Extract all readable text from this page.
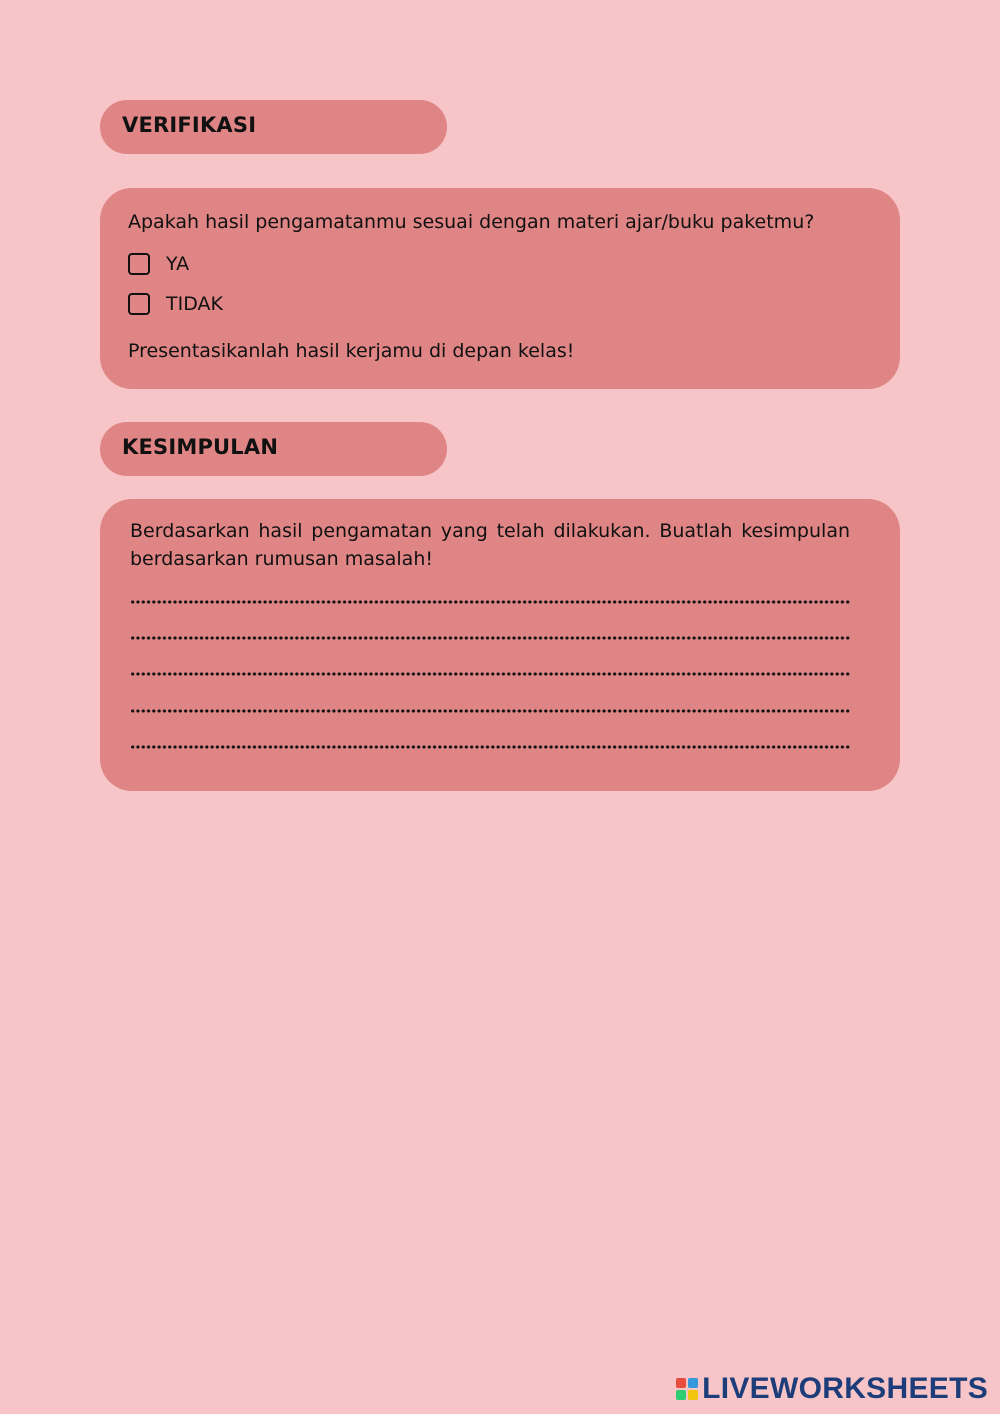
VERIFIKASI
Apakah hasil pengamatanmu sesuai dengan materi ajar/buku paketmu?
YA
TIDAK
Presentasikanlah hasil kerjamu di depan kelas!
KESIMPULAN
Berdasarkan hasil pengamatan yang telah dilakukan. Buatlah kesimpulan berdasarkan rumusan masalah!
LIVEWORKSHEETS
